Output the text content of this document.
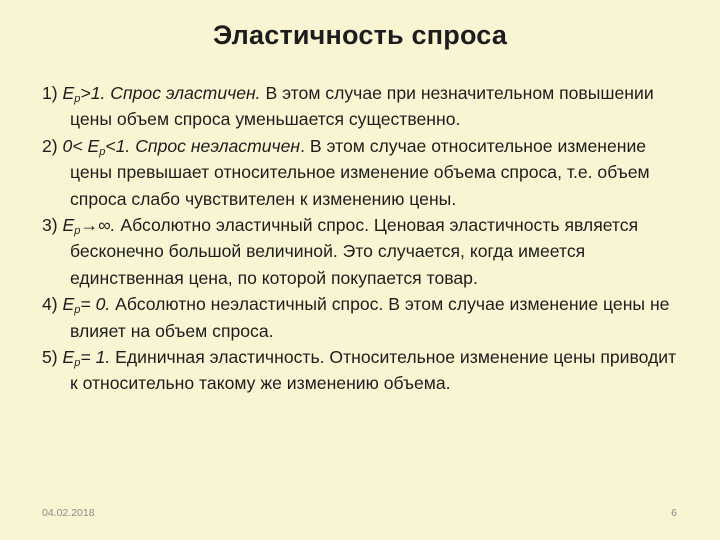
Эластичность спроса

1) $E_p>1$. Спрос эластичен. В этом случае при незначительном повышении цены объем спроса уменьшается существенно.

2) $0< E_p<1$. Спрос неэластичен. В этом случае относительное изменение цены превышает относительное изменение объема спроса, т.е. объем спроса слабо чувствителен к изменению цены.

3) $E_p\to\infty$. Абсолютно эластичный спрос. Ценовая эластичность является бесконечно большой величиной. Это случается, когда имеется единственная цена, по которой покупается товар.

4) $E_p= 0$. Абсолютно неэластичный спрос. В этом случае изменение цены не влияет на объем спроса.

5) $E_p= 1$. Единичная эластичность. Относительное изменение цены приводит к относительно такому же изменению объема.

04.02.2018	6
